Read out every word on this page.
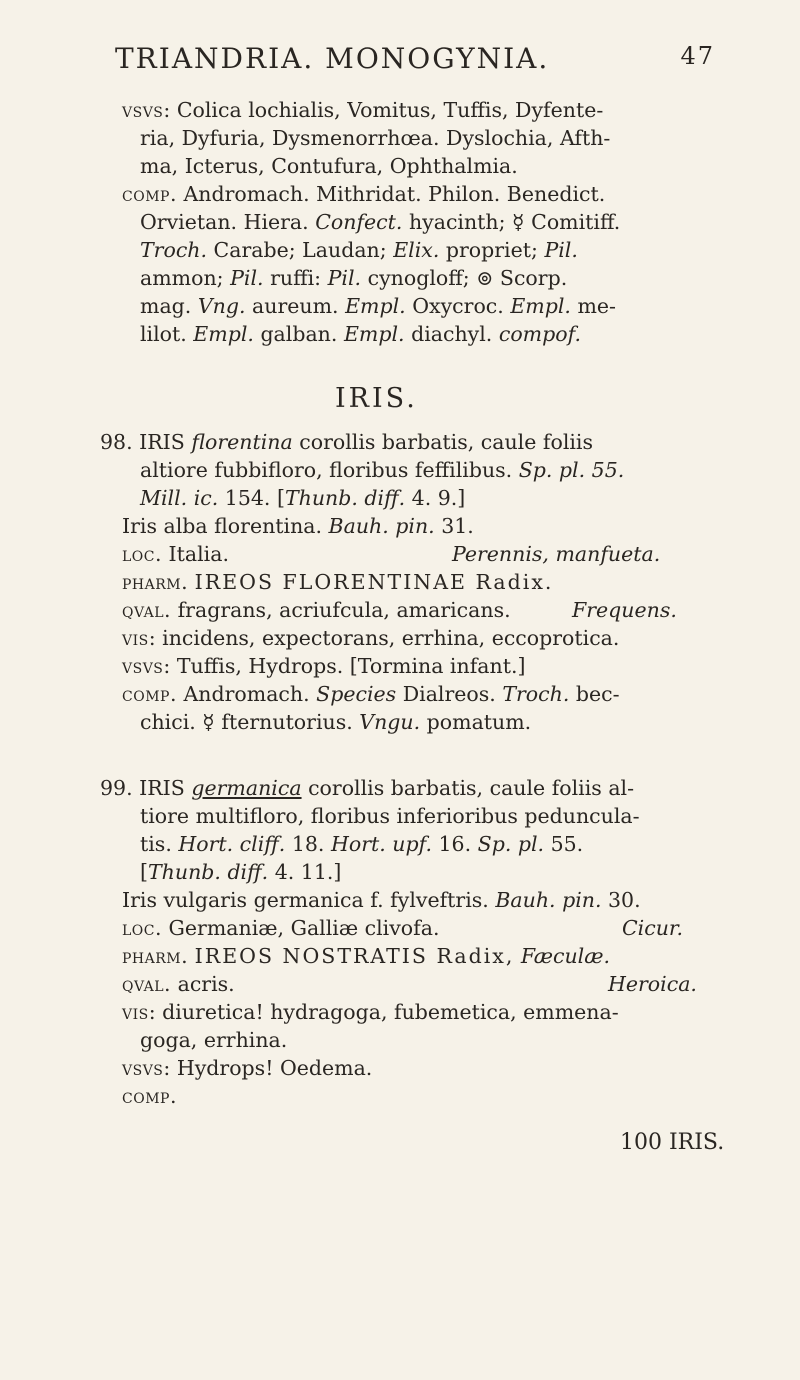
TRIANDRIA. MONOGYNIA.	47
vsvs: Colica lochialis, Vomitus, Tuffis, Dyfente-
ria, Dyfuria, Dysmenorrhœa. Dyslochia, Afth-
ma, Icterus, Contufura, Ophthalmia.
comp. Andromach. Mithridat. Philon. Benedict.
Orvietan. Hiera. Confect. hyacinth; ☿ Comitiff.
Troch. Carabe; Laudan; Elix. propriet; Pil.
ammon; Pil. ruffi: Pil. cynogloff; ⊚ Scorp.
mag. Vng. aureum. Empl. Oxycroc. Empl. me-
lilot. Empl. galban. Empl. diachyl. compof.
IRIS.
98. IRIS florentina corollis barbatis, caule foliis
altiore fubbifloro, floribus feffilibus. Sp. pl. 55.
Mill. ic. 154. [Thunb. diff. 4. 9.]
Iris alba florentina. Bauh. pin. 31.
loc. Italia.	Perennis, manfueta.
pharm. IREOS FLORENTINAE Radix.
qval. fragrans, acriufcula, amaricans.	Frequens.
vis: incidens, expectorans, errhina, eccoprotica.
vsvs: Tuffis, Hydrops. [Tormina infant.]
comp. Andromach. Species Dialreos. Troch. bec-
chici. ☿ fternutorius. Vngu. pomatum.
99. IRIS germanica corollis barbatis, caule foliis al-
tiore multifloro, floribus inferioribus peduncula-
tis. Hort. cliff. 18. Hort. upf. 16. Sp. pl. 55.
[Thunb. diff. 4. 11.]
Iris vulgaris germanica f. fylveftris. Bauh. pin. 30.
loc. Germaniæ, Galliæ clivofa.	Cicur.
pharm. IREOS NOSTRATIS Radix, Fæculæ.
qval. acris.	Heroica.
vis: diuretica! hydragoga, fubemetica, emmena-
goga, errhina.
vsvs: Hydrops! Oedema.
comp.
100 IRIS.
